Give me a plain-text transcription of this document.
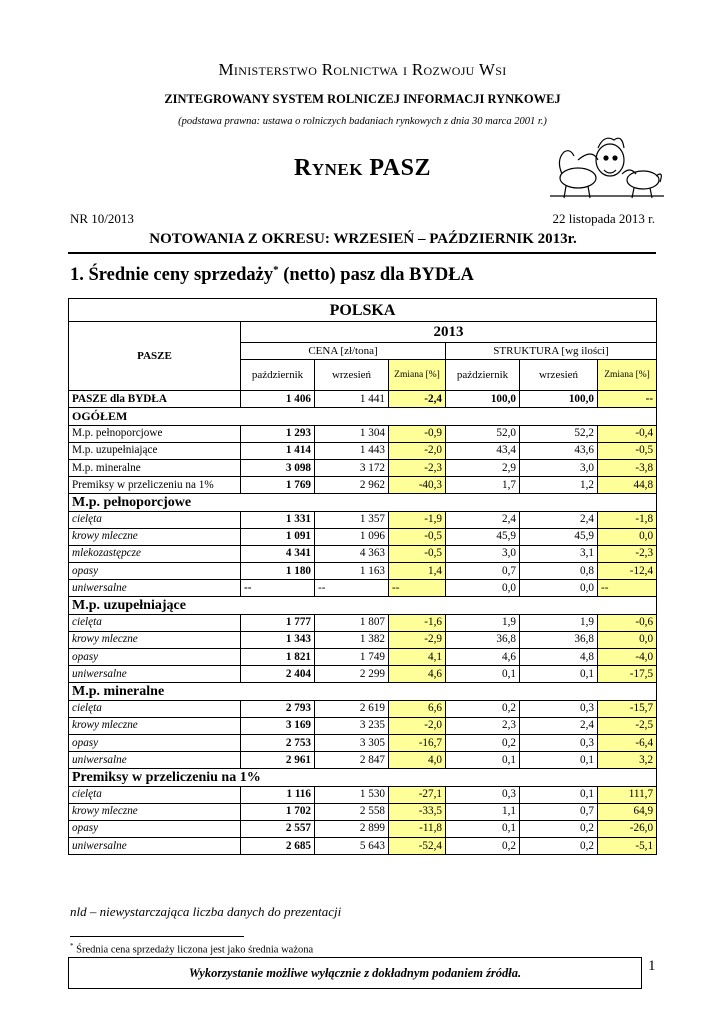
Ministerstwo Rolnictwa i Rozwoju Wsi
ZINTEGROWANY SYSTEM ROLNICZEJ INFORMACJI RYNKOWEJ
(podstawa prawna: ustawa o rolniczych badaniach rynkowych z dnia 30 marca 2001 r.)
Rynek PASZ
NR 10/2013	22 listopada 2013 r.
NOTOWANIA Z OKRESU: WRZESIEŃ – PAŹDZIERNIK 2013r.
1. Średnie ceny sprzedaży* (netto) pasz dla BYDŁA
POLSKA						
PASZE	2013					
	CENA [zł/tona]			STRUKTURA [wg ilości]		
	październik	wrzesień	Zmiana [%]	październik	wrzesień	Zmiana [%]
PASZE dla BYDŁA	1 406	1 441	-2,4	100,0	100,0	--
OGÓŁEM						
M.p. pełnoporcjowe	1 293	1 304	-0,9	52,0	52,2	-0,4
M.p. uzupełniające	1 414	1 443	-2,0	43,4	43,6	-0,5
M.p. mineralne	3 098	3 172	-2,3	2,9	3,0	-3,8
Premiksy w przeliczeniu na 1%	1 769	2 962	-40,3	1,7	1,2	44,8
M.p. pełnoporcjowe						
cielęta	1 331	1 357	-1,9	2,4	2,4	-1,8
krowy mleczne	1 091	1 096	-0,5	45,9	45,9	0,0
mlekozastępcze	4 341	4 363	-0,5	3,0	3,1	-2,3
opasy	1 180	1 163	1,4	0,7	0,8	-12,4
uniwersalne	--	--	--	0,0	0,0	--
M.p. uzupełniające						
cielęta	1 777	1 807	-1,6	1,9	1,9	-0,6
krowy mleczne	1 343	1 382	-2,9	36,8	36,8	0,0
opasy	1 821	1 749	4,1	4,6	4,8	-4,0
uniwersalne	2 404	2 299	4,6	0,1	0,1	-17,5
M.p. mineralne						
cielęta	2 793	2 619	6,6	0,2	0,3	-15,7
krowy mleczne	3 169	3 235	-2,0	2,3	2,4	-2,5
opasy	2 753	3 305	-16,7	0,2	0,3	-6,4
uniwersalne	2 961	2 847	4,0	0,1	0,1	3,2
Premiksy w przeliczeniu na 1%						
cielęta	1 116	1 530	-27,1	0,3	0,1	111,7
krowy mleczne	1 702	2 558	-33,5	1,1	0,7	64,9
opasy	2 557	2 899	-11,8	0,1	0,2	-26,0
uniwersalne	2 685	5 643	-52,4	0,2	0,2	-5,1
nld – niewystarczająca liczba danych do prezentacji
* Średnia cena sprzedaży liczona jest jako średnia ważona
Wykorzystanie możliwe wyłącznie z dokładnym podaniem źródła.	1
